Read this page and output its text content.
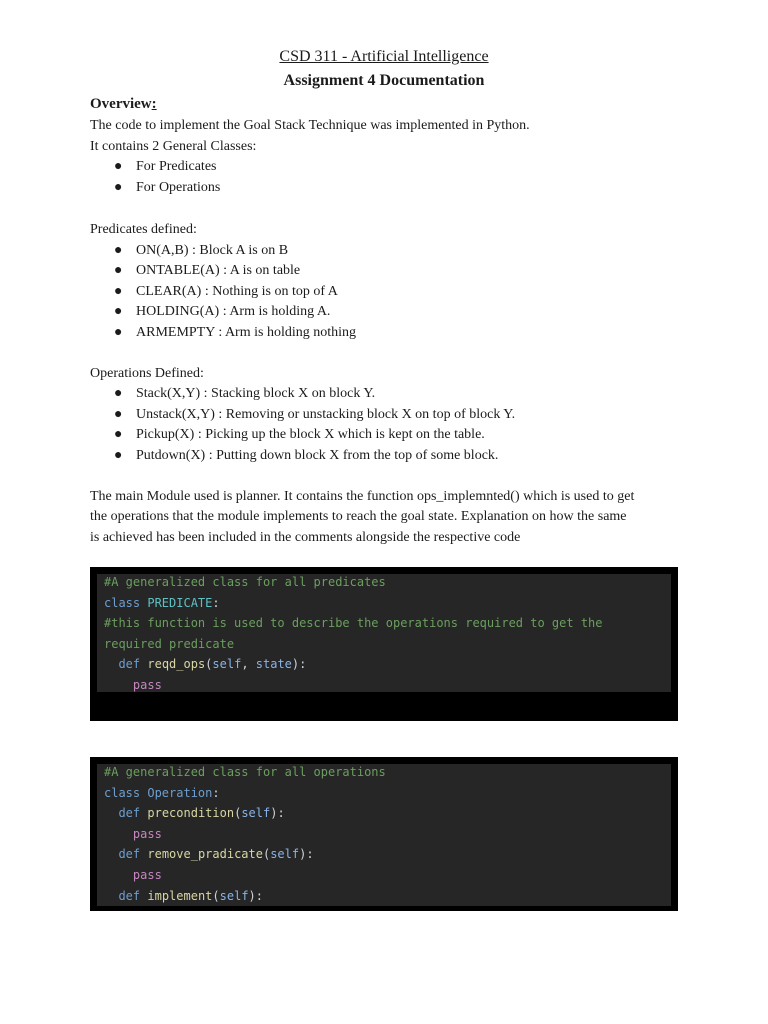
CSD 311 - Artificial Intelligence
Assignment 4 Documentation
Overview:
The code to implement the Goal Stack Technique was implemented in Python.
It contains 2 General Classes:
● For Predicates
● For Operations
Predicates defined:
● ON(A,B) : Block A is on B
● ONTABLE(A) : A is on table
● CLEAR(A) : Nothing is on top of A
● HOLDING(A) : Arm is holding A.
● ARMEMPTY : Arm is holding nothing
Operations Defined:
● Stack(X,Y) : Stacking block X on block Y.
● Unstack(X,Y) : Removing or unstacking block X on top of block Y.
● Pickup(X) : Picking up the block X which is kept on the table.
● Putdown(X) : Putting down block X from the top of some block.
The main Module used is planner. It contains the function ops_implemnted() which is used to get
the operations that the module implements to reach the goal state. Explanation on how the same
is achieved has been included in the comments alongside the respective code
#A generalized class for all predicates
class PREDICATE:
#this function is used to describe the operations required to get the
required predicate
def reqd_ops(self, state):
pass
#A generalized class for all operations
class Operation:
def precondition(self):
pass
def remove_pradicate(self):
pass
def implement(self):
